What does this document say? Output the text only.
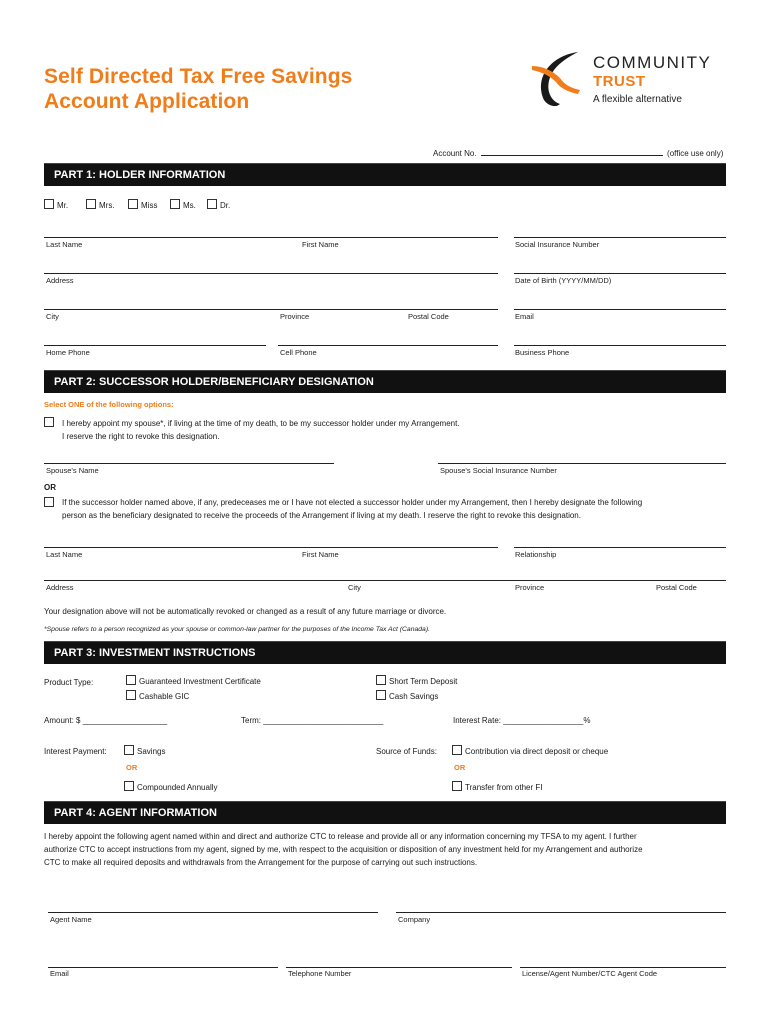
Self Directed Tax Free Savings
Account Application
COMMUNITY
TRUST
A flexible alternative
Account No.	(office use only)
PART 1: HOLDER INFORMATION
Mr.	Mrs.	Miss	Ms.	Dr.
Last Name	First Name	Social Insurance Number
Address	Date of Birth (YYYY/MM/DD)
City	Province	Postal Code	Email
Home Phone	Cell Phone	Business Phone
PART 2: SUCCESSOR HOLDER/BENEFICIARY DESIGNATION
Select ONE of the following options:
I hereby appoint my spouse*, if living at the time of my death, to be my successor holder under my Arrangement.
I reserve the right to revoke this designation.
Spouse's Name	Spouse's Social Insurance Number
OR
If the successor holder named above, if any, predeceases me or I have not elected a successor holder under my Arrangement, then I hereby designate the following
person as the beneficiary designated to receive the proceeds of the Arrangement if living at my death. I reserve the right to revoke this designation.
Last Name	First Name	Relationship
Address	City	Province	Postal Code
Your designation above will not be automatically revoked or changed as a result of any future marriage or divorce.
*Spouse refers to a person recognized as your spouse or common-law partner for the purposes of the Income Tax Act (Canada).
PART 3: INVESTMENT INSTRUCTIONS
Product Type:	Guaranteed Investment Certificate
Cashable GIC
Short Term Deposit
Cash Savings
Amount: $ ___________________	Term: ___________________________	Interest Rate: __________________%
Interest Payment:	Savings
OR
Compounded Annually
Source of Funds:	Contribution via direct deposit or cheque
OR
Transfer from other FI
PART 4: AGENT INFORMATION
I hereby appoint the following agent named within and direct and authorize CTC to release and provide all or any information concerning my TFSA to my agent. I further
authorize CTC to accept instructions from my agent, signed by me, with respect to the acquisition or disposition of any investment held for my Arrangement and authorize
CTC to make all required deposits and withdrawals from the Arrangement for the purpose of carrying out such instructions.
Agent Name	Company
Email	Telephone Number	License/Agent Number/CTC Agent Code
